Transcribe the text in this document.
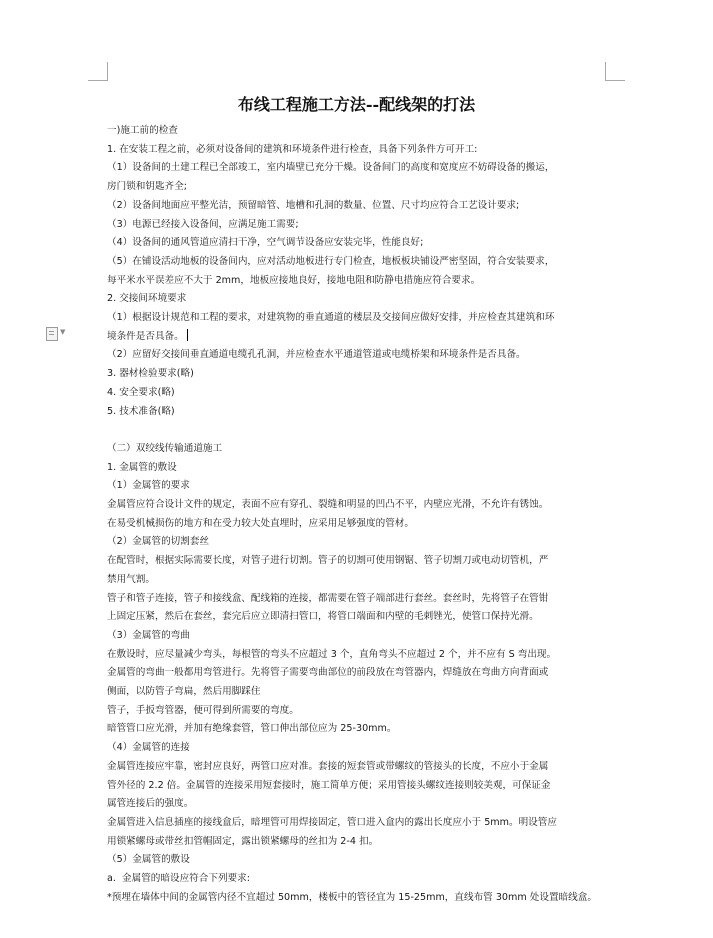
▼
布线工程施工方法--配线架的打法

一)施工前的检查

1. 在安装工程之前，必须对设备间的建筑和环境条件进行检查，具备下列条件方可开工:

（1）设备间的土建工程已全部竣工，室内墙壁已充分干燥。设备间门的高度和宽度应不妨碍设备的搬运，

房门锁和钥匙齐全;

（2）设备间地面应平整光洁，预留暗管、地槽和孔洞的数量、位置、尺寸均应符合工艺设计要求;

（3）电源已经接入设备间，应满足施工需要;

（4）设备间的通风管道应清扫干净，空气调节设备应安装完毕，性能良好;

（5）在铺设活动地板的设备间内，应对活动地板进行专门检查，地板板块铺设严密坚固，符合安装要求，

每平米水平误差应不大于 2mm，地板应接地良好，接地电阻和防静电措施应符合要求。

2. 交接间环境要求

（1）根据设计规范和工程的要求，对建筑物的垂直通道的楼层及交接间应做好安排，并应检查其建筑和环

境条件是否具备。

（2）应留好交接间垂直通道电缆孔孔洞，并应检查水平通道管道或电缆桥架和环境条件是否具备。

3. 器材检验要求(略)

4. 安全要求(略)

5. 技术准备(略)

（二）双绞线传输通道施工

1. 金属管的敷设

（1）金属管的要求

金属管应符合设计文件的规定，表面不应有穿孔、裂缝和明显的凹凸不平，内壁应光滑，不允许有锈蚀。

在易受机械损伤的地方和在受力较大处直埋时，应采用足够强度的管材。

（2）金属管的切割套丝

在配管时，根据实际需要长度，对管子进行切割。管子的切割可使用钢锯、管子切割刀或电动切管机，严

禁用气割。

管子和管子连接，管子和接线盒、配线箱的连接，都需要在管子端部进行套丝。套丝时，先将管子在管钳

上固定压紧，然后在套丝，套完后应立即清扫管口，将管口端面和内壁的毛刺锉光，使管口保持光滑。

（3）金属管的弯曲

在敷设时，应尽量减少弯头，每根管的弯头不应超过 3 个，直角弯头不应超过 2 个，并不应有 S 弯出现。

金属管的弯曲一般都用弯管进行。先将管子需要弯曲部位的前段放在弯管器内，焊缝放在弯曲方向背面或

侧面，以防管子弯扁，然后用脚踩住

管子，手扳弯管器，便可得到所需要的弯度。

暗管管口应光滑，并加有绝缘套管，管口伸出部位应为 25-30mm。

（4）金属管的连接

金属管连接应牢靠，密封应良好，两管口应对准。套接的短套管或带螺纹的管接头的长度，不应小于金属

管外径的 2.2 倍。金属管的连接采用短套接时，施工简单方便；采用管接头螺纹连接则较美观，可保证金

属管连接后的强度。

金属管进入信息插座的接线盒后，暗埋管可用焊接固定，管口进入盒内的露出长度应小于 5mm。明设管应

用锁紧螺母或带丝扣管帽固定，露出锁紧螺母的丝扣为 2-4 扣。

（5）金属管的敷设

a.  金属管的暗设应符合下列要求:

*预埋在墙体中间的金属管内径不宜超过 50mm，楼板中的管径宜为 15-25mm，直线布管 30mm 处设置暗线盒。
